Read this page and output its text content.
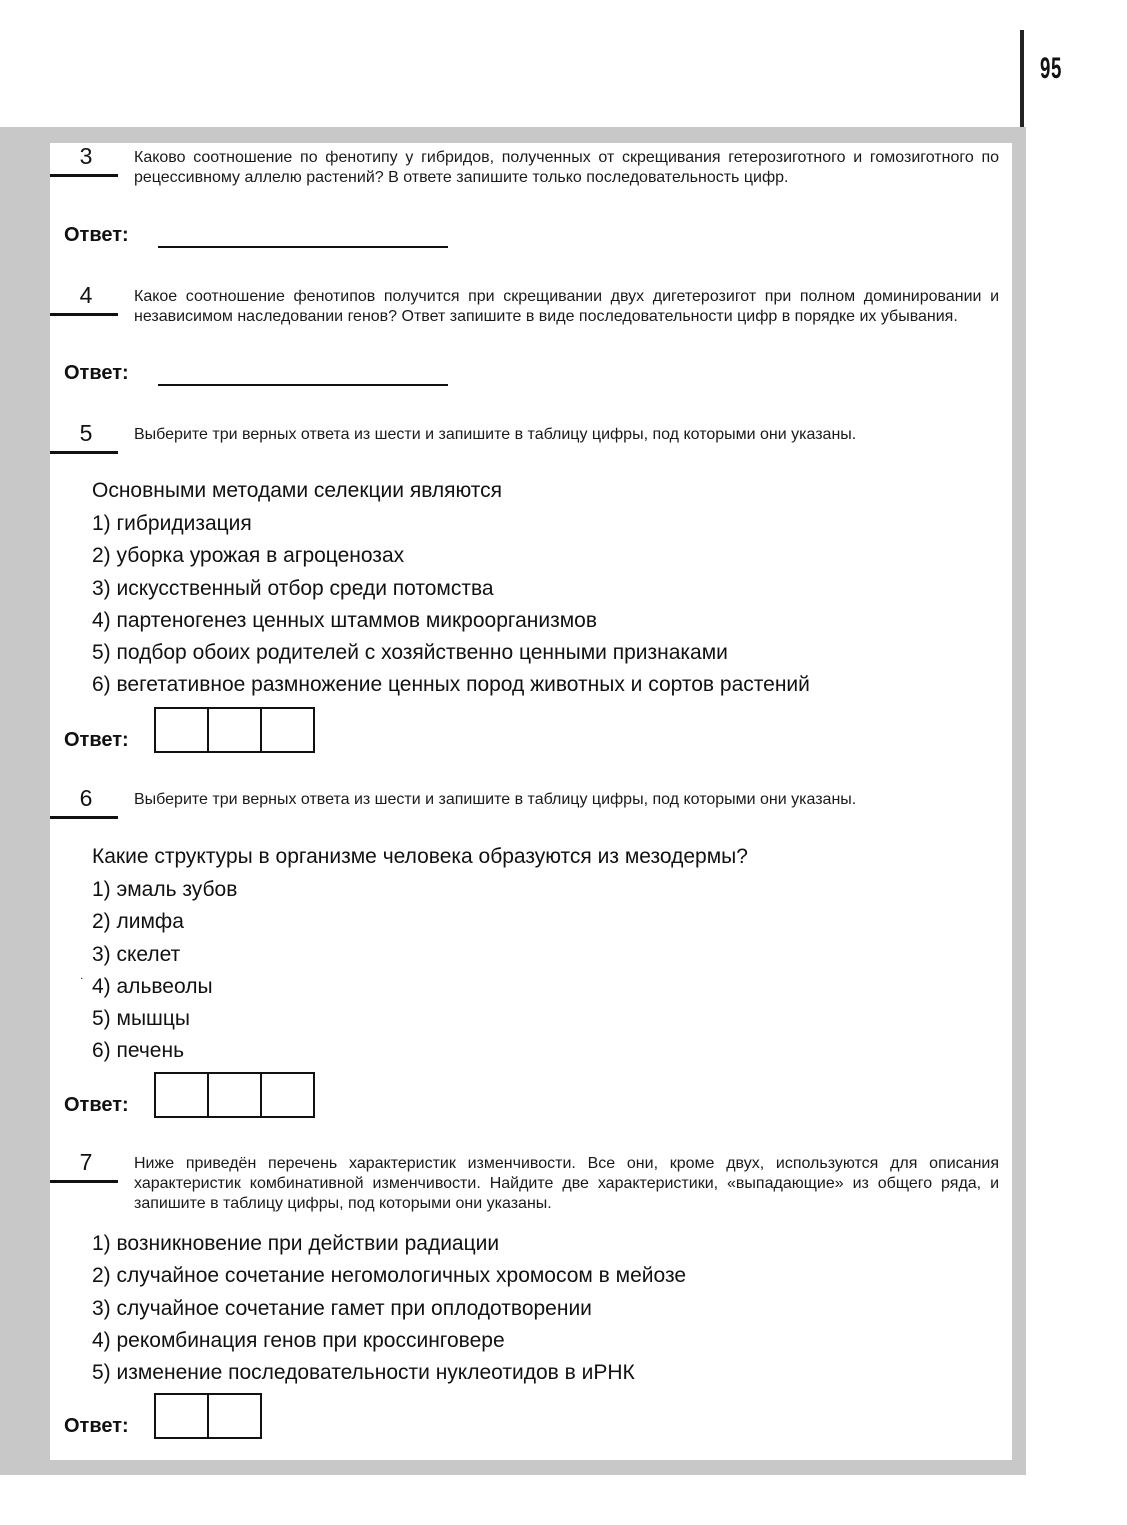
95
3	Каково соотношение по фенотипу у гибридов, полученных от скрещивания гетерозиготного и гомозиготного по рецессивному аллелю растений? В ответе запишите только последовательность цифр.
Ответ:
4	Какое соотношение фенотипов получится при скрещивании двух дигетерозигот при полном доминировании и независимом наследовании генов? Ответ запишите в виде последовательности цифр в порядке их убывания.
Ответ:
5	Выберите три верных ответа из шести и запишите в таблицу цифры, под которыми они указаны.
Основными методами селекции являются
1) гибридизация
2) уборка урожая в агроценозах
3) искусственный отбор среди потомства
4) партеногенез ценных штаммов микроорганизмов
5) подбор обоих родителей с хозяйственно ценными признаками
6) вегетативное размножение ценных пород животных и сортов растений
Ответ:
6	Выберите три верных ответа из шести и запишите в таблицу цифры, под которыми они указаны.
Какие структуры в организме человека образуются из мезодермы?
˙
1) эмаль зубов
2) лимфа
3) скелет
4) альвеолы
5) мышцы
6) печень
Ответ:
7	Ниже приведён перечень характеристик изменчивости. Все они, кроме двух, используются для описания характеристик комбинативной изменчивости. Найдите две характеристики, «выпадающие» из общего ряда, и запишите в таблицу цифры, под которыми они указаны.
1) возникновение при действии радиации
2) случайное сочетание негомологичных хромосом в мейозе
3) случайное сочетание гамет при оплодотворении
4) рекомбинация генов при кроссинговере
5) изменение последовательности нуклеотидов в иРНК
Ответ:
